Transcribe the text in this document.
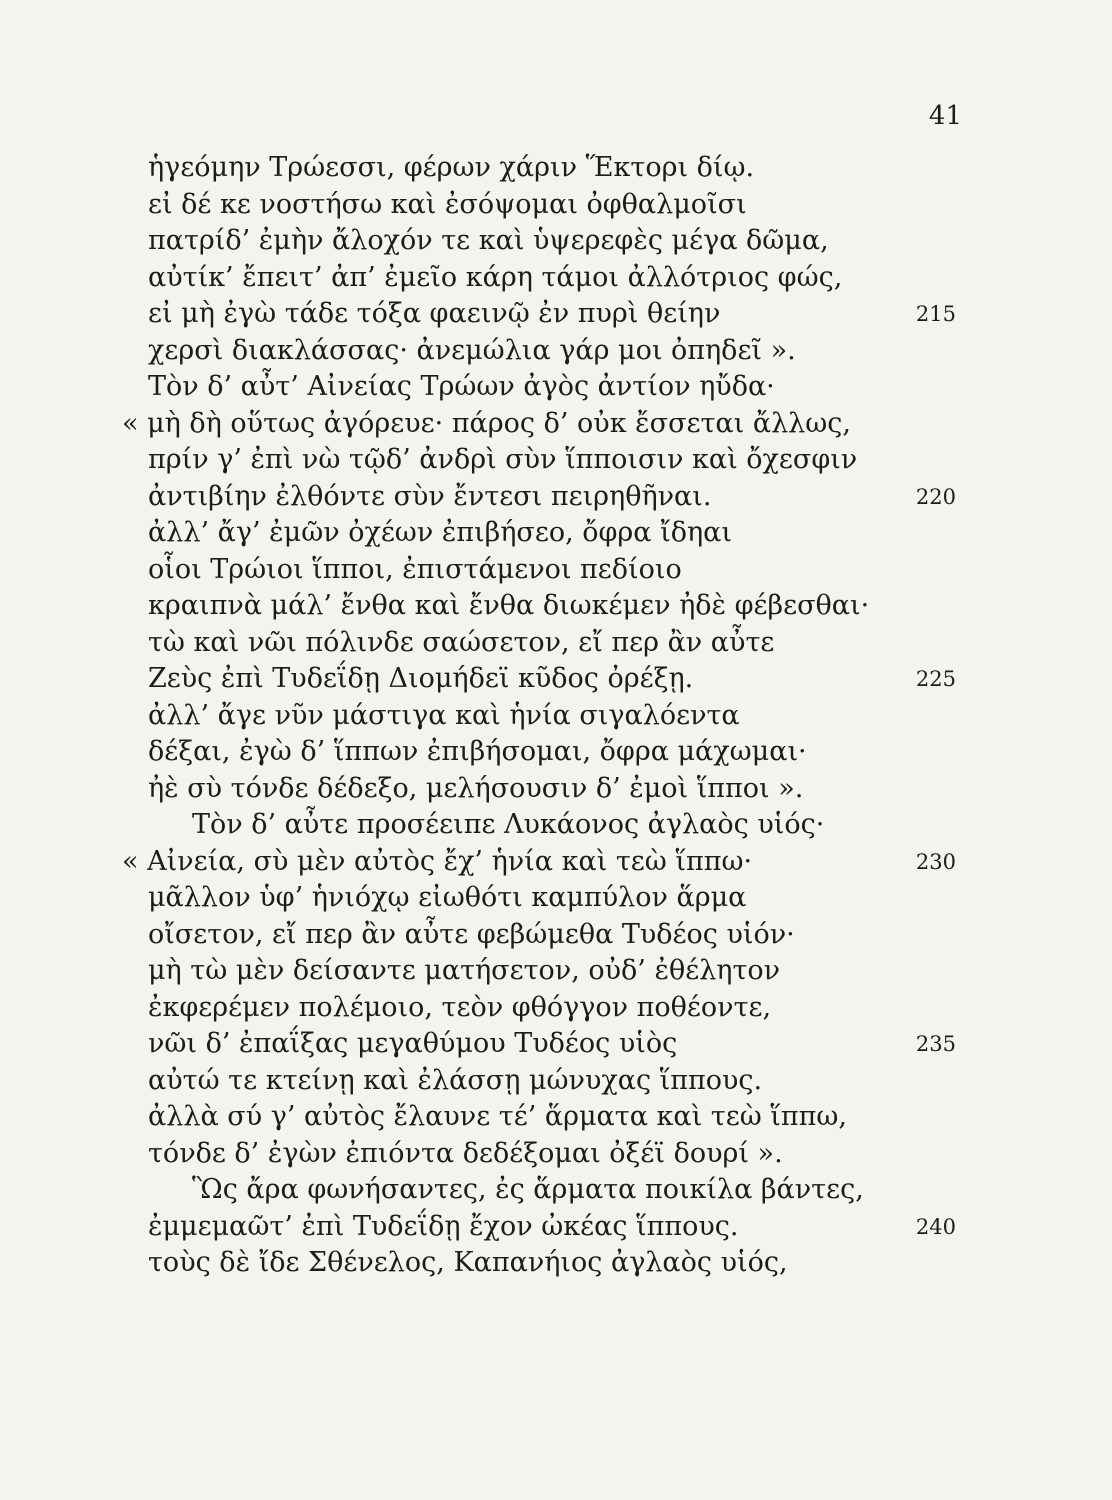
41
ἡγεόμην Τρώεσσι, φέρων χάριν Ἕκτορι δίῳ.
εἰ δέ κε νοστήσω καὶ ἐσόψομαι ὀφθαλμοῖσι
πατρίδ’ ἐμὴν ἄλοχόν τε καὶ ὑψερεφὲς μέγα δῶμα,
αὐτίκ’ ἔπειτ’ ἀπ’ ἐμεῖο κάρη τάμοι ἀλλότριος φώς,
εἰ μὴ ἐγὼ τάδε τόξα φαεινῷ ἐν πυρὶ θείην	215
χερσὶ διακλάσσας· ἀνεμώλια γάρ μοι ὀπηδεῖ ».
Τὸν δ’ αὖτ’ Αἰνείας Τρώων ἀγὸς ἀντίον ηὔδα·
« μὴ δὴ οὕτως ἀγόρευε· πάρος δ’ οὐκ ἔσσεται ἄλλως,
πρίν γ’ ἐπὶ νὼ τῷδ’ ἀνδρὶ σὺν ἵπποισιν καὶ ὄχεσφιν
ἀντιβίην ἐλθόντε σὺν ἔντεσι πειρηθῆναι.	220
ἀλλ’ ἄγ’ ἐμῶν ὀχέων ἐπιβήσεο, ὄφρα ἴδηαι
οἷοι Τρώιοι ἵπποι, ἐπιστάμενοι πεδίοιο
κραιπνὰ μάλ’ ἔνθα καὶ ἔνθα διωκέμεν ἠδὲ φέβεσθαι·
τὼ καὶ νῶι πόλινδε σαώσετον, εἴ περ ἂν αὖτε
Ζεὺς ἐπὶ Τυδεΐδῃ Διομήδεϊ κῦδος ὀρέξῃ.	225
ἀλλ’ ἄγε νῦν μάστιγα καὶ ἡνία σιγαλόεντα
δέξαι, ἐγὼ δ’ ἵππων ἐπιβήσομαι, ὄφρα μάχωμαι·
ἠὲ σὺ τόνδε δέδεξο, μελήσουσιν δ’ ἐμοὶ ἵπποι ».
Τὸν δ’ αὖτε προσέειπε Λυκάονος ἀγλαὸς υἱός·
« Αἰνεία, σὺ μὲν αὐτὸς ἔχ’ ἡνία καὶ τεὼ ἵππω·	230
μᾶλλον ὑφ’ ἡνιόχῳ εἰωθότι καμπύλον ἅρμα
οἴσετον, εἴ περ ἂν αὖτε φεβώμεθα Τυδέος υἱόν·
μὴ τὼ μὲν δείσαντε ματήσετον, οὐδ’ ἐθέλητον
ἐκφερέμεν πολέμοιο, τεὸν φθόγγον ποθέοντε,
νῶι δ’ ἐπαΐξας μεγαθύμου Τυδέος υἱὸς	235
αὐτώ τε κτείνῃ καὶ ἐλάσσῃ μώνυχας ἵππους.
ἀλλὰ σύ γ’ αὐτὸς ἔλαυνε τέ’ ἅρματα καὶ τεὼ ἵππω,
τόνδε δ’ ἐγὼν ἐπιόντα δεδέξομαι ὀξέϊ δουρί ».
Ὣς ἄρα φωνήσαντες, ἐς ἅρματα ποικίλα βάντες,
ἐμμεμαῶτ’ ἐπὶ Τυδεΐδῃ ἔχον ὠκέας ἵππους.	240
τοὺς δὲ ἴδε Σθένελος, Καπανήιος ἀγλαὸς υἱός,
